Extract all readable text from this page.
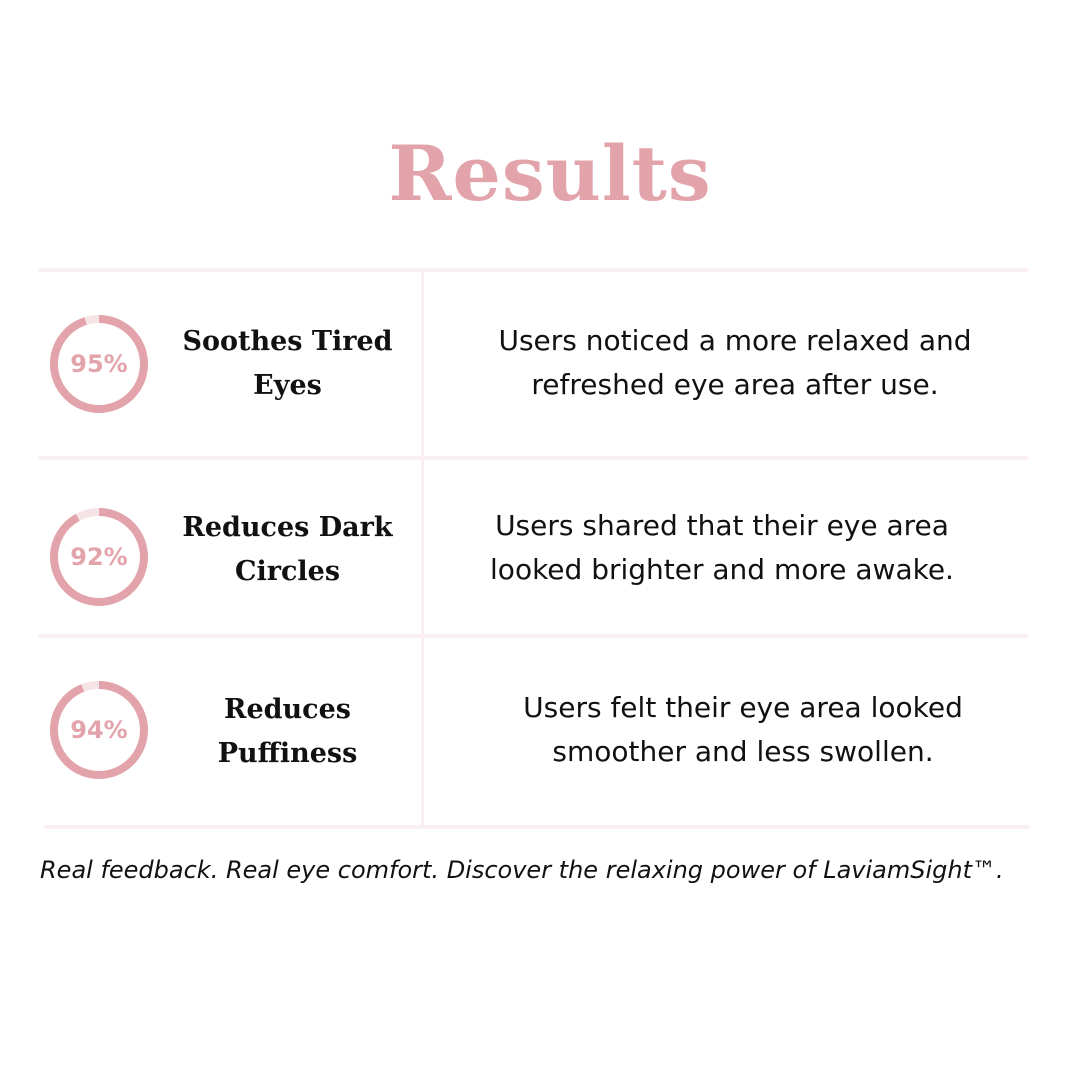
Results
95%
Soothes Tired
Eyes
Users noticed a more relaxed and
refreshed eye area after use.
92%
Reduces Dark
Circles
Users shared that their eye area
looked brighter and more awake.
94%
Reduces
Puffiness
Users felt their eye area looked
smoother and less swollen.
Real feedback. Real eye comfort. Discover the relaxing power of LaviamSight™.
